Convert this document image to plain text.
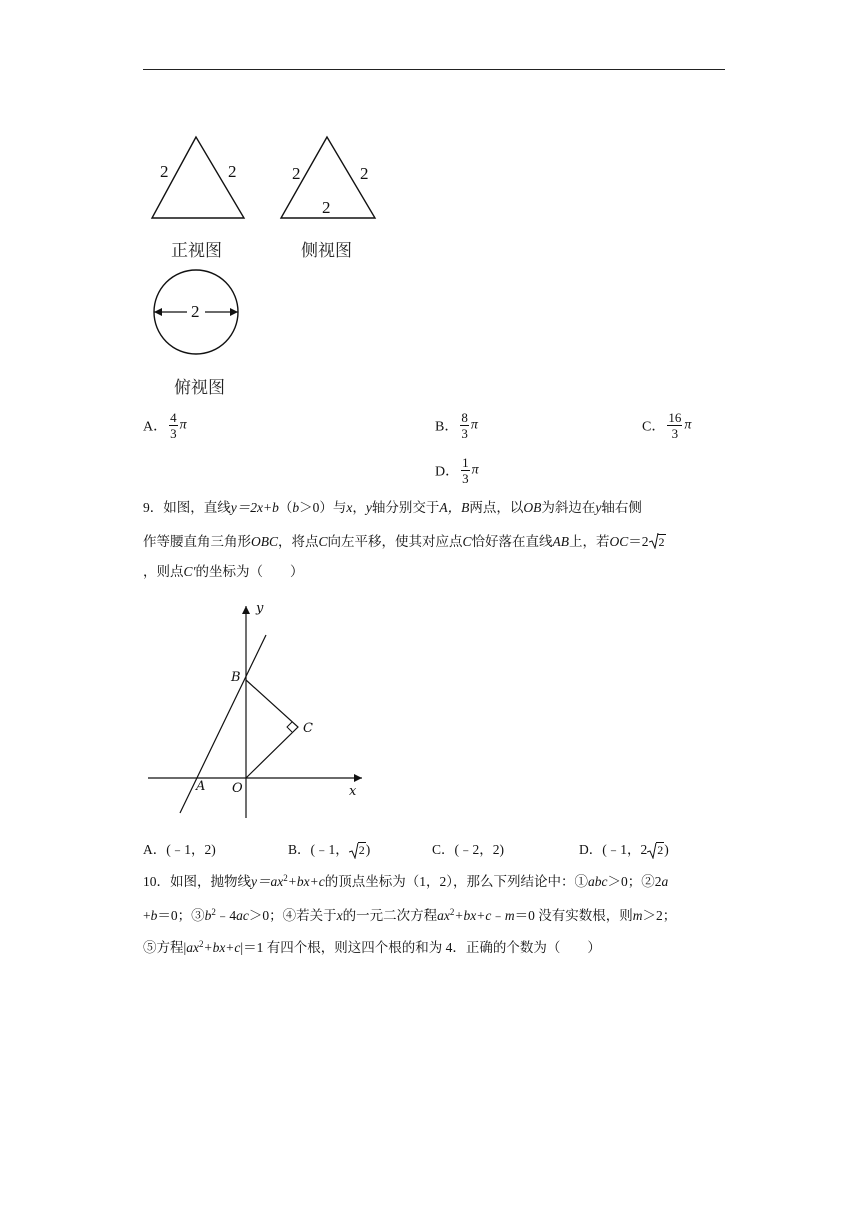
2	2	2	2
2
2
正视图	侧视图
俯视图
A． $\frac{4}{3}$ π	B． $\frac{8}{3}$ π	C． $\frac{16}{3}$ π
D． $\frac{1}{3}$ π
9．如图，直线y＝2x+b（b＞0）与x，y轴分别交于A，B两点，以OB为斜边在y轴右侧
作等腰直角三角形OBC，将点C向左平移，使其对应点C恰好落在直线AB上，若OC＝2 2
，则点C′的坐标为（　　）
y
x
B
C
A O
A．(﹣1，2)	B．(﹣1， 2)	C．(﹣2，2)	D．(﹣1，2 2)
10．如图，抛物线$y=ax^2+bx+c$的顶点坐标为（1，2），那么下列结论中：①abc＞0；②2a
+b＝0；$③b^2﹣4ac>0$；④若关于x的一元二次方程$ax^2+bx+c﹣m=0$ 没有实数根，则m＞2；
⑤方程$|ax^2+bx+c|=1$ 有四个根，则这四个根的和为 4．正确的个数为（　　）
